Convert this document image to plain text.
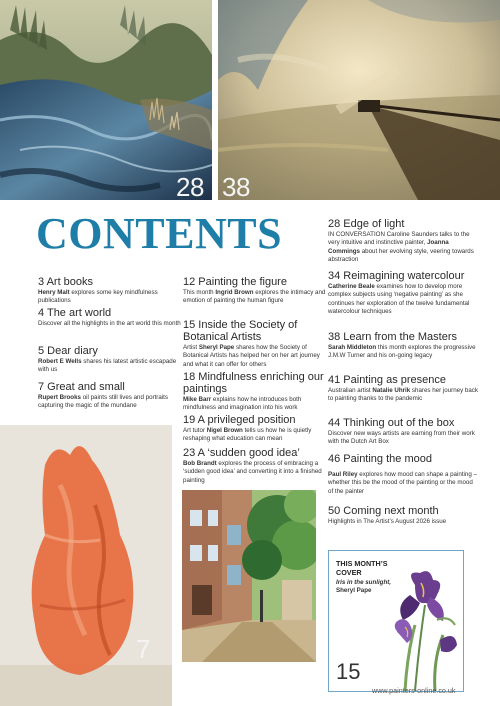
28 38
CONTENTS

3 Art books

Henry Malt explores some key mindfulness publications

4 The art world

Discover all the highlights in the art world this month

5 Dear diary

Robert E Wells shares his latest artistic escapade with us

7 Great and small

Rupert Brooks oil paints still lives and portraits capturing the magic of the mundane

7

12 Painting the figure

This month Ingrid Brown explores the intimacy and emotion of painting the human figure

15 Inside the Society of Botanical Artists

Artist Sheryl Pape shares how the Society of Botanical Artists has helped her on her art journey and what it can offer for others

18 Mindfulness enriching our paintings

Mike Barr explains how he introduces both mindfulness and imagination into his work

19 A privileged position

Art tutor Nigel Brown tells us how he is quietly reshaping what education can mean

23 A ‘sudden good idea’

Bob Brandt explores the process of embracing a ‘sudden good idea’ and converting it into a finished painting

28 Edge of light

IN CONVERSATION Caroline Saunders talks to the very intuitive and instinctive painter, Joanna Commings about her evolving style, veering towards abstraction

34 Reimagining watercolour

Catherine Beale examines how to develop more complex subjects using ‘negative painting’ as she continues her exploration of the twelve fundamental watercolour techniques

38 Learn from the Masters

Sarah Middleton this month explores the progressive J.M.W Turner and his on-going legacy

41 Painting as presence

Australian artist Natalie Uhrik shares her journey back to painting thanks to the pandemic

44 Thinking out of the box

Discover new ways artists are earning from their work with the Dutch Art Box

46 Painting the mood

Paul Riley explores how mood can shape a painting – whether this be the mood of the painting or the mood of the painter

50 Coming next month

Highlights in The Artist’s August 2026 issue

THIS MONTH’S COVER
Iris in the sunlight,
Sheryl Pape
15
www.painters-online.co.uk
